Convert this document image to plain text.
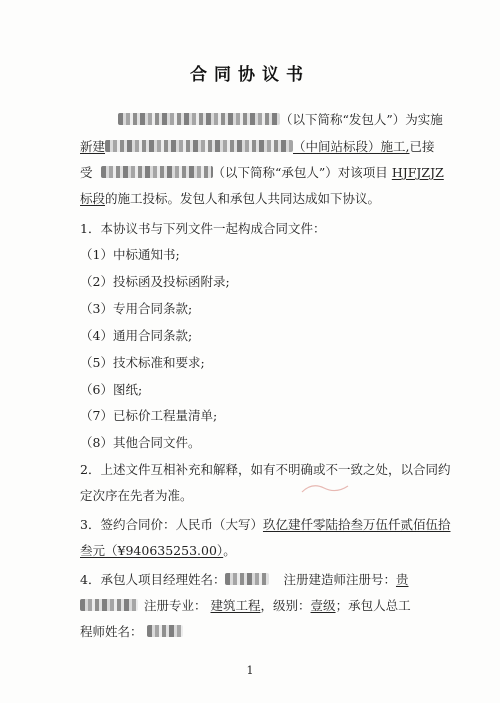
合同协议书
（以下简称“发包人”）为实施
新建	（中间站标段）施工,已接
受	（以下简称“承包人”）对该项目 HJFJZJZ
标段的施工投标。发包人和承包人共同达成如下协议。
1．本协议书与下列文件一起构成合同文件：
（1）中标通知书;
（2）投标函及投标函附录;
（3）专用合同条款;
（4）通用合同条款;
（5）技术标准和要求;
（6）图纸;
（7）已标价工程量清单;
（8）其他合同文件。
2．上述文件互相补充和解释，如有不明确或不一致之处，以合同约
定次序在先者为准。
3．签约合同价：人民币（大写）玖亿建仟零陆拾叁万伍仟贰佰伍拾
叁元（¥940635253.00）。
4．承包人项目经理姓名：	注册建造师注册号：贵
注册专业： 建筑工程，级别：壹级；承包人总工
程师姓名：
1
